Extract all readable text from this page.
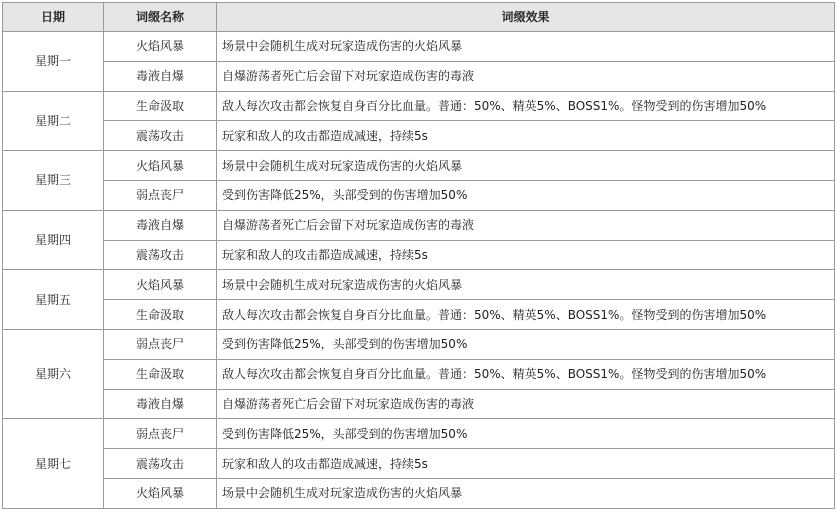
日期	词缀名称	词缀效果
星期一	火焰风暴	场景中会随机生成对玩家造成伤害的火焰风暴
	毒液自爆	自爆游荡者死亡后会留下对玩家造成伤害的毒液
星期二	生命汲取	敌人每次攻击都会恢复自身百分比血量。普通：50%、精英5%、BOSS1%。怪物受到的伤害增加50%
	震荡攻击	玩家和敌人的攻击都造成减速，持续5s
星期三	火焰风暴	场景中会随机生成对玩家造成伤害的火焰风暴
	弱点丧尸	受到伤害降低25%，头部受到的伤害增加50%
星期四	毒液自爆	自爆游荡者死亡后会留下对玩家造成伤害的毒液
	震荡攻击	玩家和敌人的攻击都造成减速，持续5s
星期五	火焰风暴	场景中会随机生成对玩家造成伤害的火焰风暴
	生命汲取	敌人每次攻击都会恢复自身百分比血量。普通：50%、精英5%、BOSS1%。怪物受到的伤害增加50%
星期六	弱点丧尸	受到伤害降低25%，头部受到的伤害增加50%
	生命汲取	敌人每次攻击都会恢复自身百分比血量。普通：50%、精英5%、BOSS1%。怪物受到的伤害增加50%
	毒液自爆	自爆游荡者死亡后会留下对玩家造成伤害的毒液
星期七	弱点丧尸	受到伤害降低25%，头部受到的伤害增加50%
	震荡攻击	玩家和敌人的攻击都造成减速，持续5s
	火焰风暴	场景中会随机生成对玩家造成伤害的火焰风暴
